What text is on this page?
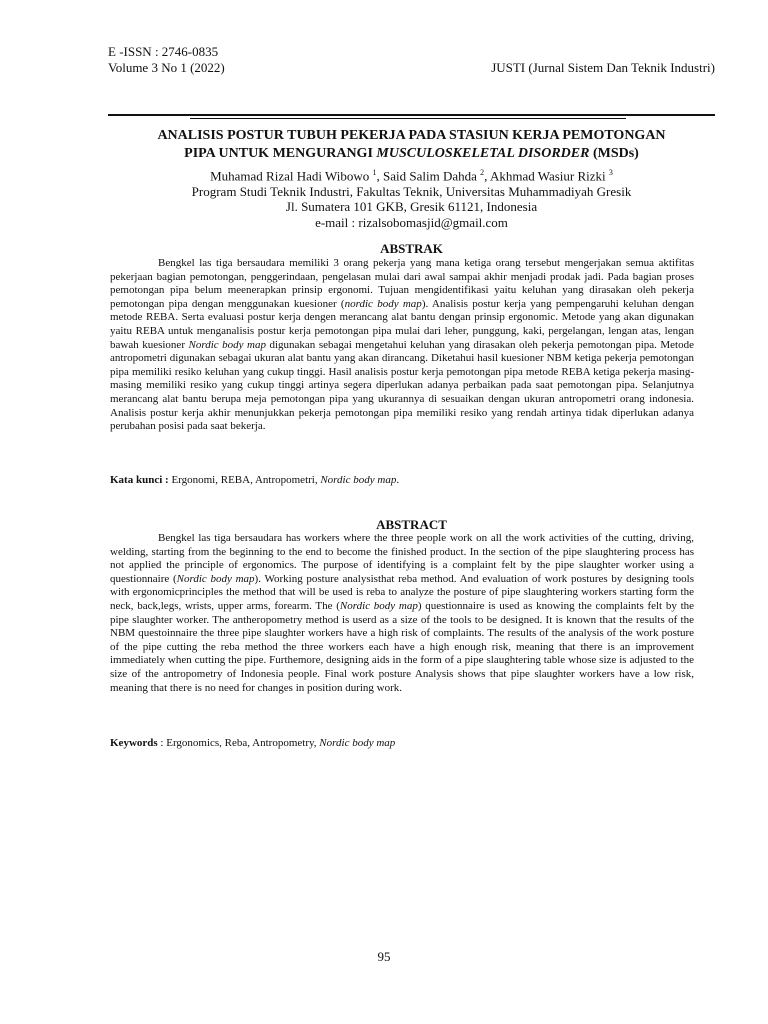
E -ISSN : 2746-0835
Volume 3 No 1 (2022)	JUSTI (Jurnal Sistem Dan Teknik Industri)
ANALISIS POSTUR TUBUH PEKERJA PADA STASIUN KERJA PEMOTONGAN
PIPA UNTUK MENGURANGI MUSCULOSKELETAL DISORDER (MSDs)
Muhamad Rizal Hadi Wibowo $^1$, Said Salim Dahda $^2$, Akhmad Wasiur Rizki $^3$
Program Studi Teknik Industri, Fakultas Teknik, Universitas Muhammadiyah Gresik
Jl. Sumatera 101 GKB, Gresik 61121, Indonesia
e-mail : rizalsobomasjid@gmail.com
ABSTRAK

Bengkel las tiga bersaudara memiliki 3 orang pekerja yang mana ketiga orang tersebut mengerjakan semua aktifitas pekerjaan bagian pemotongan, penggerindaan, pengelasan mulai dari awal sampai akhir menjadi prodak jadi. Pada bagian proses pemotongan pipa belum meenerapkan prinsip ergonomi. Tujuan mengidentifikasi yaitu keluhan yang dirasakan oleh pekerja pemotongan pipa dengan menggunakan kuesioner (nordic body map). Analisis postur kerja yang pempengaruhi keluhan dengan metode REBA. Serta evaluasi postur kerja dengen merancang alat bantu dengan prinsip ergonomic. Metode yang akan digunakan yaitu REBA untuk menganalisis postur kerja pemotongan pipa mulai dari leher, punggung, kaki, pergelangan, lengan atas, lengan bawah kuesioner Nordic body map digunakan sebagai mengetahui keluhan yang dirasakan oleh pekerja pemotongan pipa. Metode antropometri digunakan sebagai ukuran alat bantu yang akan dirancang. Diketahui hasil kuesioner NBM ketiga pekerja pemotongan pipa memiliki resiko keluhan yang cukup tinggi. Hasil analisis postur kerja pemotongan pipa metode REBA ketiga pekerja masing- masing memiliki resiko yang cukup tinggi artinya segera diperlukan adanya perbaikan pada saat pemotongan pipa. Selanjutnya merancang alat bantu berupa meja pemotongan pipa yang ukurannya di sesuaikan dengan ukuran antropometri orang indonesia. Analisis postur kerja akhir menunjukkan pekerja pemotongan pipa memiliki resiko yang rendah artinya tidak diperlukan adanya perubahan posisi pada saat bekerja.

Kata kunci : Ergonomi, REBA, Antropometri, Nordic body map.

ABSTRACT

Bengkel las tiga bersaudara has workers where the three people work on all the work activities of the cutting, driving, welding, starting from the beginning to the end to become the finished product. In the section of the pipe slaughtering process has not applied the principle of ergonomics. The purpose of identifying is a complaint felt by the pipe slaughter worker using a questionnaire (Nordic body map). Working posture analysisthat reba method. And evaluation of work postures by designing tools with ergonomicprinciples the method that will be used is reba to analyze the posture of pipe slaughtering workers starting form the neck, back,legs, wrists, upper arms, forearm. The (Nordic body map) questionnaire is used as knowing the complaints felt by the pipe slaughter worker. The antheropometry method is userd as a size of the tools to be designed. It is known that the results of the NBM questoinnaire the three pipe slaughter workers have a high risk of complaints. The results of the analysis of the work posture of the pipe cutting the reba method the three workers each have a high enough risk, meaning that there is an improvement immediately when cutting the pipe. Furthemore, designing aids in the form of a pipe slaughtering table whose size is adjusted to the size of the antropometry of Indonesia people. Final work posture Analysis shows that pipe slaughter workers have a low risk, meaning that there is no need for changes in position during work.

Keywords : Ergonomics, Reba, Antropometry, Nordic body map

95
